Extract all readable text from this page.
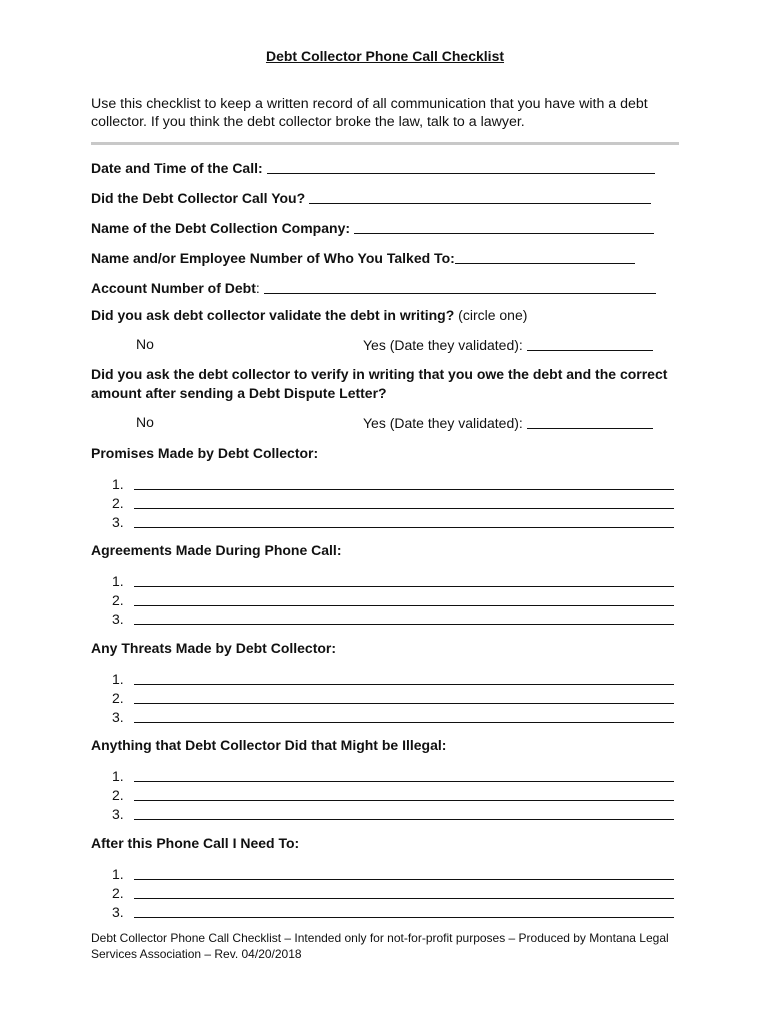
Debt Collector Phone Call Checklist
Use this checklist to keep a written record of all communication that you have with a debt collector. If you think the debt collector broke the law, talk to a lawyer.
Date and Time of the Call:
Did the Debt Collector Call You?
Name of the Debt Collection Company:
Name and/or Employee Number of Who You Talked To:
Account Number of Debt:
Did you ask debt collector validate the debt in writing? (circle one)
No	Yes (Date they validated):
Did you ask the debt collector to verify in writing that you owe the debt and the correct amount after sending a Debt Dispute Letter?
No	Yes (Date they validated):
Promises Made by Debt Collector:
1.
2.
3.
Agreements Made During Phone Call:
1.
2.
3.
Any Threats Made by Debt Collector:
1.
2.
3.
Anything that Debt Collector Did that Might be Illegal:
1.
2.
3.
After this Phone Call I Need To:
1.
2.
3.
Debt Collector Phone Call Checklist – Intended only for not-for-profit purposes – Produced by Montana Legal Services Association – Rev. 04/20/2018
